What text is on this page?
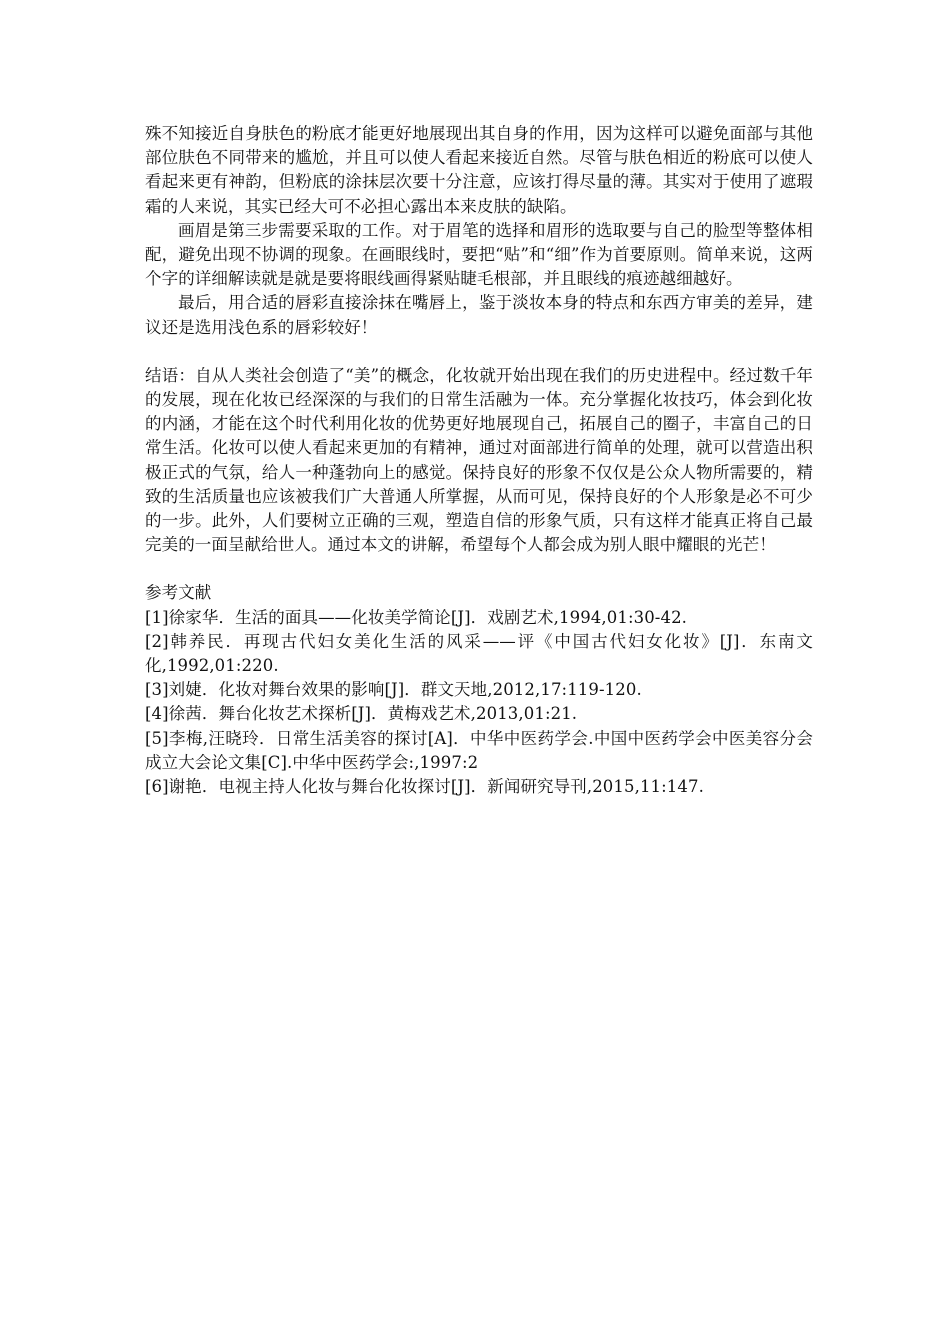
殊不知接近自身肤色的粉底才能更好地展现出其自身的作用，因为这样可以避免面部与其他部位肤色不同带来的尴尬，并且可以使人看起来接近自然。尽管与肤色相近的粉底可以使人看起来更有神韵，但粉底的涂抹层次要十分注意，应该打得尽量的薄。其实对于使用了遮瑕霜的人来说，其实已经大可不必担心露出本来皮肤的缺陷。

画眉是第三步需要采取的工作。对于眉笔的选择和眉形的选取要与自己的脸型等整体相配，避免出现不协调的现象。在画眼线时，要把“贴”和“细”作为首要原则。简单来说，这两个字的详细解读就是就是要将眼线画得紧贴睫毛根部，并且眼线的痕迹越细越好。

最后，用合适的唇彩直接涂抹在嘴唇上，鉴于淡妆本身的特点和东西方审美的差异，建议还是选用浅色系的唇彩较好！

结语：自从人类社会创造了“美”的概念，化妆就开始出现在我们的历史进程中。经过数千年的发展，现在化妆已经深深的与我们的日常生活融为一体。充分掌握化妆技巧，体会到化妆的内涵，才能在这个时代利用化妆的优势更好地展现自己，拓展自己的圈子，丰富自己的日常生活。化妆可以使人看起来更加的有精神，通过对面部进行简单的处理，就可以营造出积极正式的气氛，给人一种蓬勃向上的感觉。保持良好的形象不仅仅是公众人物所需要的，精致的生活质量也应该被我们广大普通人所掌握，从而可见，保持良好的个人形象是必不可少的一步。此外，人们要树立正确的三观，塑造自信的形象气质，只有这样才能真正将自己最完美的一面呈献给世人。通过本文的讲解，希望每个人都会成为别人眼中耀眼的光芒！

参考文献

[1]徐家华．生活的面具——化妆美学简论[J]．戏剧艺术,1994,01:30-42.

[2]韩养民．再现古代妇女美化生活的风采——评《中国古代妇女化妆》[J]．东南文化,1992,01:220.

[3]刘婕．化妆对舞台效果的影响[J]．群文天地,2012,17:119-120.

[4]徐茜．舞台化妆艺术探析[J]．黄梅戏艺术,2013,01:21.

[5]李梅,汪晓玲．日常生活美容的探讨[A]．中华中医药学会.中国中医药学会中医美容分会成立大会论文集[C].中华中医药学会:,1997:2

[6]谢艳．电视主持人化妆与舞台化妆探讨[J]．新闻研究导刊,2015,11:147.
